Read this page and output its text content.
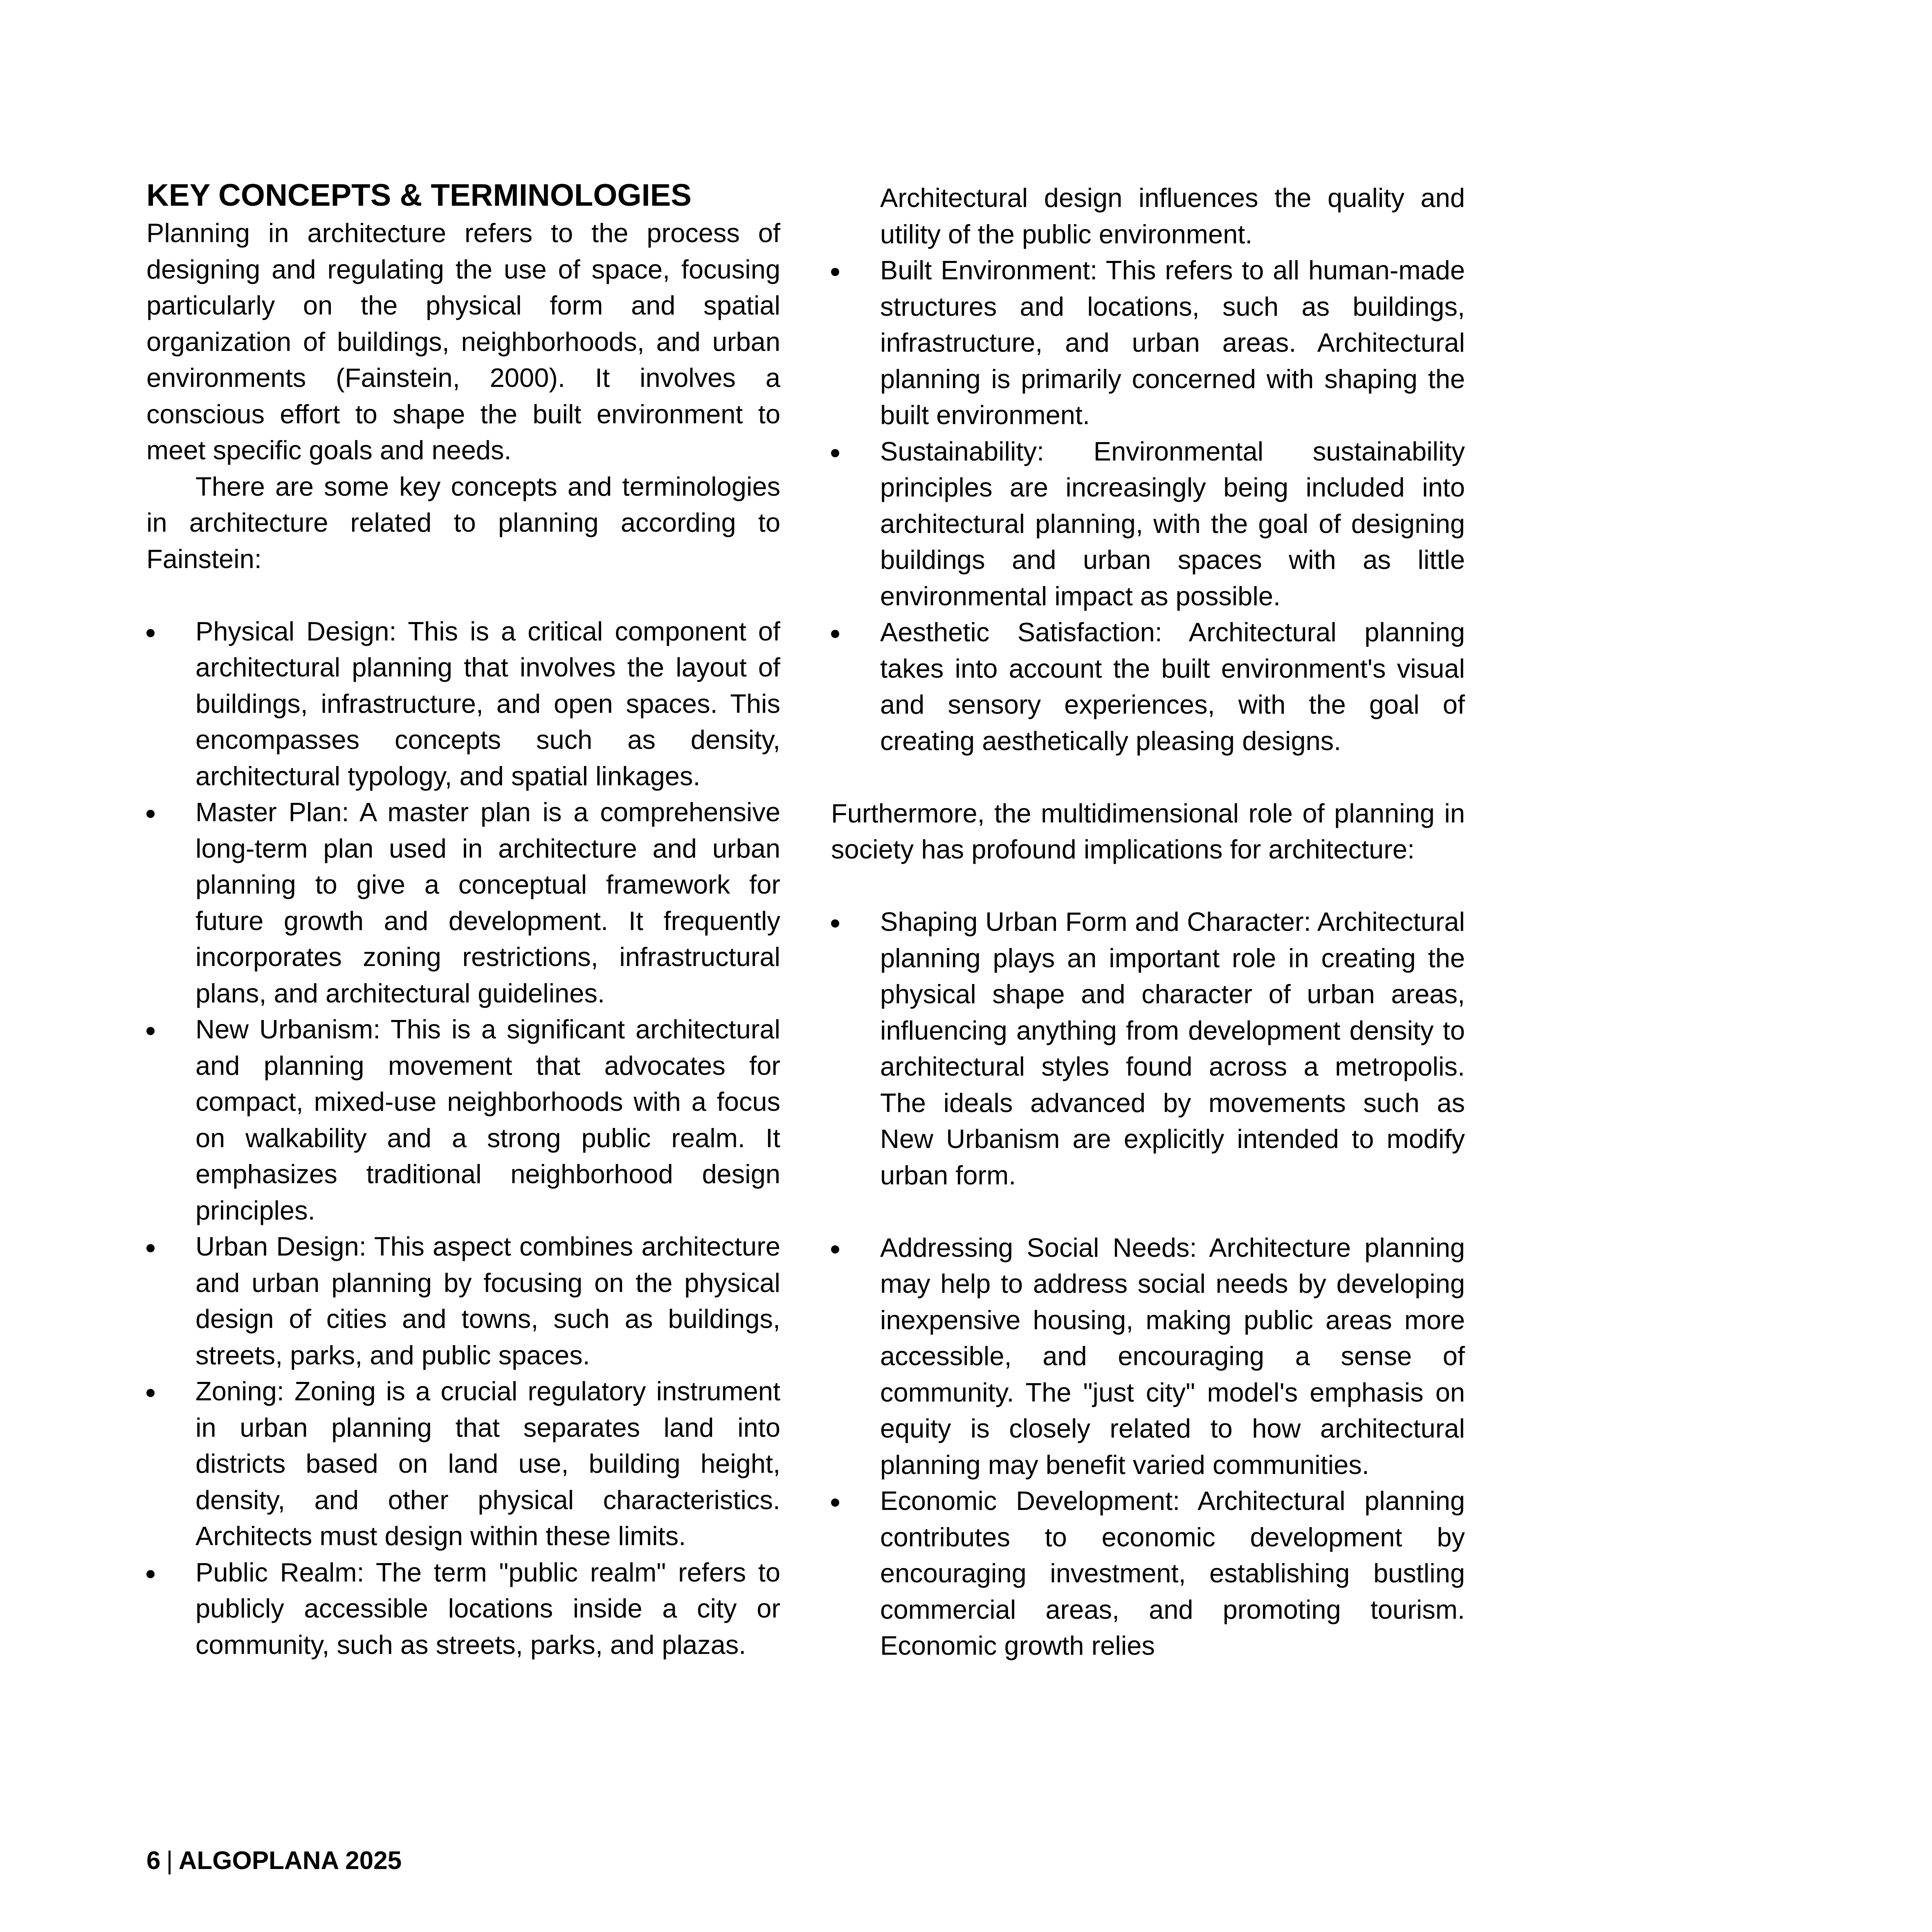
KEY CONCEPTS & TERMINOLOGIES

Planning in architecture refers to the process of designing and regulating the use of space, focusing particularly on the physical form and spatial organization of buildings, neighborhoods, and urban environments (Fainstein, 2000). It involves a conscious effort to shape the built environment to meet specific goals and needs.

There are some key concepts and terminologies in architecture related to planning according to Fainstein:

Physical Design: This is a critical component of architectural planning that involves the layout of buildings, infrastructure, and open spaces. This encompasses concepts such as density, architectural typology, and spatial linkages.
Master Plan: A master plan is a comprehensive long-term plan used in architecture and urban planning to give a conceptual framework for future growth and development. It frequently incorporates zoning restrictions, infrastructural plans, and architectural guidelines.
New Urbanism: This is a significant architectural and planning movement that advocates for compact, mixed-use neighborhoods with a focus on walkability and a strong public realm. It emphasizes traditional neighborhood design principles.
Urban Design: This aspect combines architecture and urban planning by focusing on the physical design of cities and towns, such as buildings, streets, parks, and public spaces.
Zoning: Zoning is a crucial regulatory instrument in urban planning that separates land into districts based on land use, building height, density, and other physical characteristics. Architects must design within these limits.
Public Realm: The term "public realm" refers to publicly accessible locations inside a city or community, such as streets, parks, and plazas.

Architectural design influences the quality and utility of the public environment.

Built Environment: This refers to all human-made structures and locations, such as buildings, infrastructure, and urban areas. Architectural planning is primarily concerned with shaping the built environment.
Sustainability: Environmental sustainability principles are increasingly being included into architectural planning, with the goal of designing buildings and urban spaces with as little environmental impact as possible.
Aesthetic Satisfaction: Architectural planning takes into account the built environment's visual and sensory experiences, with the goal of creating aesthetically pleasing designs.

Furthermore, the multidimensional role of planning in society has profound implications for architecture:

Shaping Urban Form and Character: Architectural planning plays an important role in creating the physical shape and character of urban areas, influencing anything from development density to architectural styles found across a metropolis. The ideals advanced by movements such as New Urbanism are explicitly intended to modify urban form.
Addressing Social Needs: Architecture planning may help to address social needs by developing inexpensive housing, making public areas more accessible, and encouraging a sense of community. The "just city" model's emphasis on equity is closely related to how architectural planning may benefit varied communities.
Economic Development: Architectural planning contributes to economic development by encouraging investment, establishing bustling commercial areas, and promoting tourism. Economic growth relies
6 | ALGOPLANA 2025
